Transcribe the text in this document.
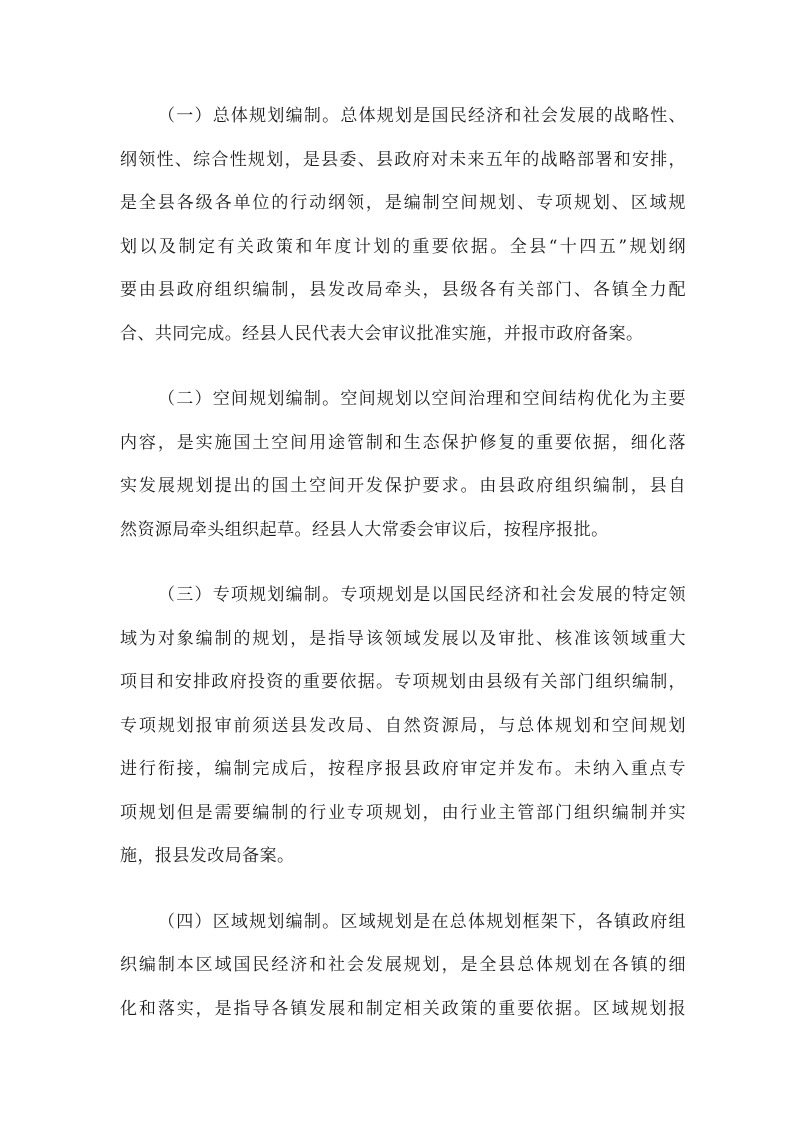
（一）总体规划编制。总体规划是国民经济和社会发展的战略性、
纲领性、综合性规划，是县委、县政府对未来五年的战略部署和安排，
是全县各级各单位的行动纲领，是编制空间规划、专项规划、区域规
划以及制定有关政策和年度计划的重要依据。全县“十四五”规划纲
要由县政府组织编制，县发改局牵头，县级各有关部门、各镇全力配
合、共同完成。经县人民代表大会审议批准实施，并报市政府备案。
（二）空间规划编制。空间规划以空间治理和空间结构优化为主要
内容，是实施国土空间用途管制和生态保护修复的重要依据，细化落
实发展规划提出的国土空间开发保护要求。由县政府组织编制，县自
然资源局牵头组织起草。经县人大常委会审议后，按程序报批。
（三）专项规划编制。专项规划是以国民经济和社会发展的特定领
域为对象编制的规划，是指导该领域发展以及审批、核准该领域重大
项目和安排政府投资的重要依据。专项规划由县级有关部门组织编制，
专项规划报审前须送县发改局、自然资源局，与总体规划和空间规划
进行衔接，编制完成后，按程序报县政府审定并发布。未纳入重点专
项规划但是需要编制的行业专项规划，由行业主管部门组织编制并实
施，报县发改局备案。
（四）区域规划编制。区域规划是在总体规划框架下，各镇政府组
织编制本区域国民经济和社会发展规划，是全县总体规划在各镇的细
化和落实，是指导各镇发展和制定相关政策的重要依据。区域规划报
